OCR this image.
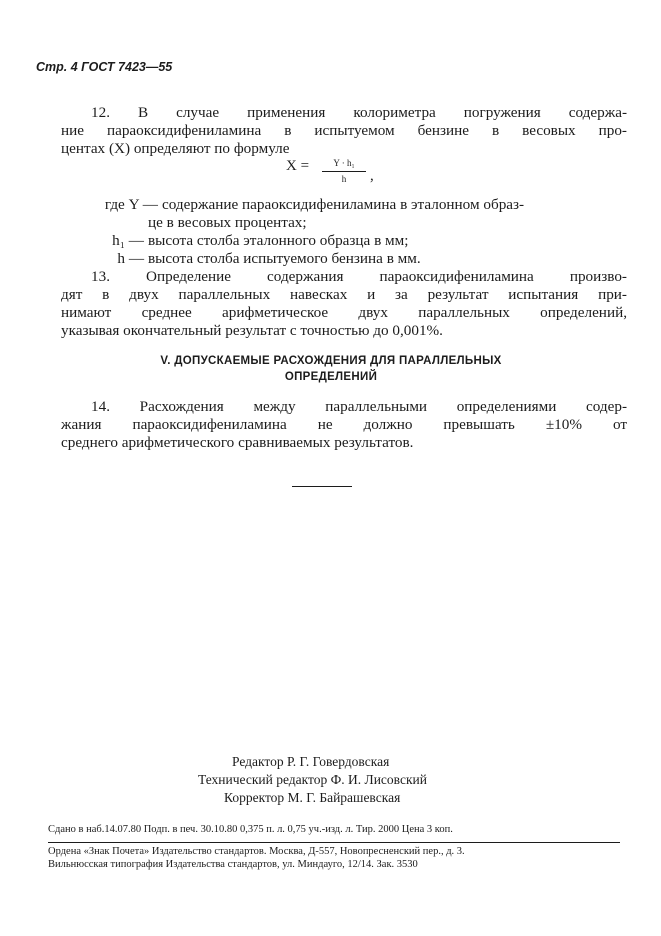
Стр. 4 ГОСТ 7423—55
12. В случае применения колориметра погружения содержа-
ние параоксидифениламина в испытуемом бензине в весовых про-
центах (X) определяют по формуле
$X = \frac{\text{Y · h₁}}{h}$ ,
где Y — содержание параоксидифениламина в эталонном образ-
це в весовых процентах;
h₁ — высота столба эталонного образца в мм;
h — высота столба испытуемого бензина в мм.
13. Определение содержания параоксидифениламина произво-
дят в двух параллельных навесках и за результат испытания при-
нимают среднее арифметическое двух параллельных определений,
указывая окончательный результат с точностью до 0,001%.
V. ДОПУСКАЕМЫЕ РАСХОЖДЕНИЯ ДЛЯ ПАРАЛЛЕЛЬНЫХ
ОПРЕДЕЛЕНИЙ
14. Расхождения между параллельными определениями содер-
жания параоксидифениламина не должно превышать ±10% от
среднего арифметического сравниваемых результатов.
Редактор Р. Г. Говердовская
Технический редактор Ф. И. Лисовский
Корректор М. Г. Байрашевская
Сдано в наб.14.07.80 Подп. в печ. 30.10.80 0,375 п. л. 0,75 уч.-изд. л. Тир. 2000 Цена 3 коп.
Ордена «Знак Почета» Издательство стандартов. Москва, Д-557, Новопресненский пер., д. 3.
Вильнюсская типография Издательства стандартов, ул. Миндауго, 12/14. Зак. 3530
